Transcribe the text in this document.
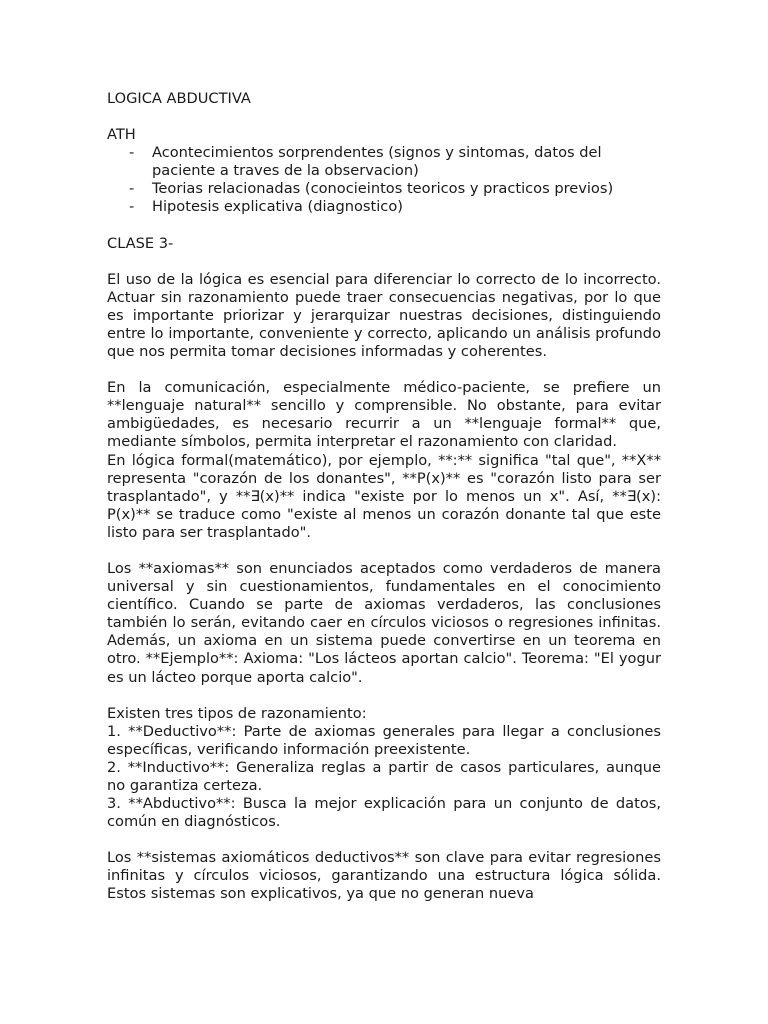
LOGICA ABDUCTIVA

ATH

- Acontecimientos sorprendentes (signos y sintomas, datos del paciente a traves de la observacion)
- Teorias relacionadas (conocieintos teoricos y practicos previos)
- Hipotesis explicativa (diagnostico)

CLASE 3-

El uso de la lógica es esencial para diferenciar lo correcto de lo incorrecto. Actuar sin razonamiento puede traer consecuencias negativas, por lo que es importante priorizar y jerarquizar nuestras decisiones, distinguiendo entre lo importante, conveniente y correcto, aplicando un análisis profundo que nos permita tomar decisiones informadas y coherentes.

En la comunicación, especialmente médico-paciente, se prefiere un **lenguaje natural** sencillo y comprensible. No obstante, para evitar ambigüedades, es necesario recurrir a un **lenguaje formal** que, mediante símbolos, permita interpretar el razonamiento con claridad.

En lógica formal(matemático), por ejemplo, **:** significa "tal que", **X** representa "corazón de los donantes", **P(x)** es "corazón listo para ser trasplantado", y **∃(x)** indica "existe por lo menos un x". Así, **∃(x): P(x)** se traduce como "existe al menos un corazón donante tal que este listo para ser trasplantado".

Los **axiomas** son enunciados aceptados como verdaderos de manera universal y sin cuestionamientos, fundamentales en el conocimiento científico. Cuando se parte de axiomas verdaderos, las conclusiones también lo serán, evitando caer en círculos viciosos o regresiones infinitas. Además, un axioma en un sistema puede convertirse en un teorema en otro. **Ejemplo**: Axioma: "Los lácteos aportan calcio". Teorema: "El yogur es un lácteo porque aporta calcio".

Existen tres tipos de razonamiento:

1. **Deductivo**: Parte de axiomas generales para llegar a conclusiones específicas, verificando información preexistente.

2. **Inductivo**: Generaliza reglas a partir de casos particulares, aunque no garantiza certeza.

3. **Abductivo**: Busca la mejor explicación para un conjunto de datos, común en diagnósticos.

Los **sistemas axiomáticos deductivos** son clave para evitar regresiones infinitas y círculos viciosos, garantizando una estructura lógica sólida. Estos sistemas son explicativos, ya que no generan nueva
